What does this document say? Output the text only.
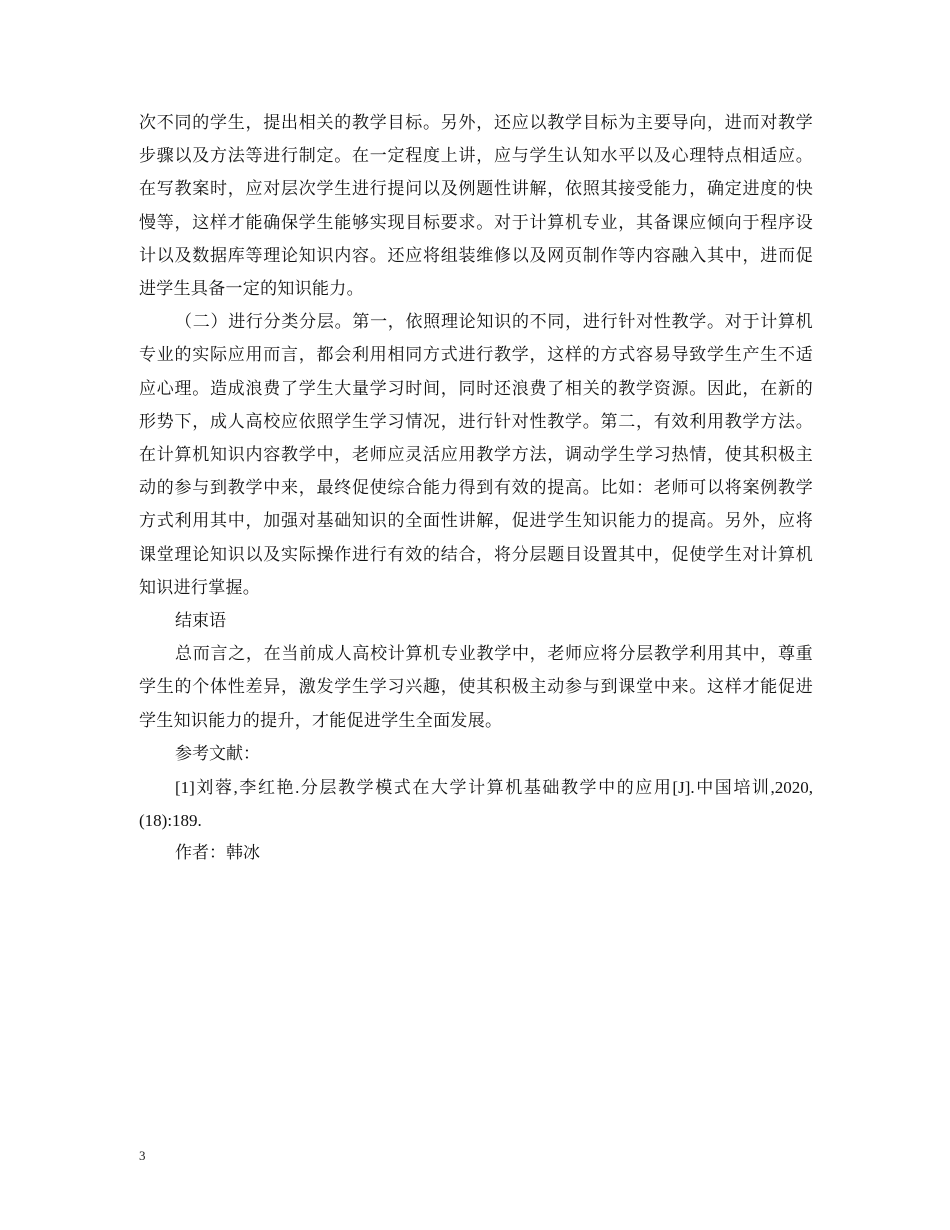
次不同的学生，提出相关的教学目标。另外，还应以教学目标为主要导向，进而对教学步骤以及方法等进行制定。在一定程度上讲，应与学生认知水平以及心理特点相适应。在写教案时，应对层次学生进行提问以及例题性讲解，依照其接受能力，确定进度的快慢等，这样才能确保学生能够实现目标要求。对于计算机专业，其备课应倾向于程序设计以及数据库等理论知识内容。还应将组装维修以及网页制作等内容融入其中，进而促进学生具备一定的知识能力。

（二）进行分类分层。第一，依照理论知识的不同，进行针对性教学。对于计算机专业的实际应用而言，都会利用相同方式进行教学，这样的方式容易导致学生产生不适应心理。造成浪费了学生大量学习时间，同时还浪费了相关的教学资源。因此，在新的形势下，成人高校应依照学生学习情况，进行针对性教学。第二，有效利用教学方法。在计算机知识内容教学中，老师应灵活应用教学方法，调动学生学习热情，使其积极主动的参与到教学中来，最终促使综合能力得到有效的提高。比如：老师可以将案例教学方式利用其中，加强对基础知识的全面性讲解，促进学生知识能力的提高。另外，应将课堂理论知识以及实际操作进行有效的结合，将分层题目设置其中，促使学生对计算机知识进行掌握。

结束语

总而言之，在当前成人高校计算机专业教学中，老师应将分层教学利用其中，尊重学生的个体性差异，激发学生学习兴趣，使其积极主动参与到课堂中来。这样才能促进学生知识能力的提升，才能促进学生全面发展。

参考文献：

[1]刘蓉,李红艳.分层教学模式在大学计算机基础教学中的应用[J].中国培训,2020,(18):189.

作者：韩冰

3
